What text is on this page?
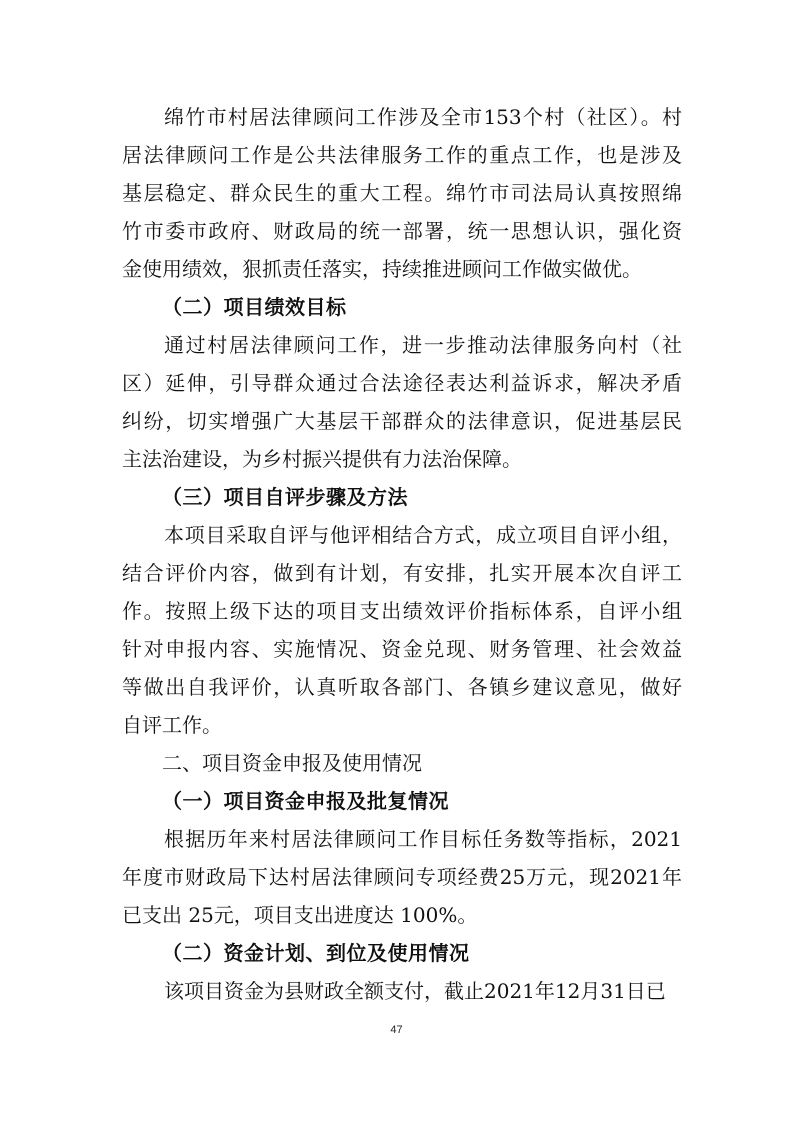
绵竹市村居法律顾问工作涉及全市153个村（社区）。村
居法律顾问工作是公共法律服务工作的重点工作，也是涉及
基层稳定、群众民生的重大工程。绵竹市司法局认真按照绵
竹市委市政府、财政局的统一部署，统一思想认识，强化资
金使用绩效，狠抓责任落实，持续推进顾问工作做实做优。
（二）项目绩效目标
通过村居法律顾问工作，进一步推动法律服务向村（社
区）延伸，引导群众通过合法途径表达利益诉求，解决矛盾
纠纷，切实增强广大基层干部群众的法律意识，促进基层民
主法治建设，为乡村振兴提供有力法治保障。
（三）项目自评步骤及方法
本项目采取自评与他评相结合方式，成立项目自评小组，
结合评价内容，做到有计划，有安排，扎实开展本次自评工
作。按照上级下达的项目支出绩效评价指标体系，自评小组
针对申报内容、实施情况、资金兑现、财务管理、社会效益
等做出自我评价，认真听取各部门、各镇乡建议意见，做好
自评工作。
二、项目资金申报及使用情况
（一）项目资金申报及批复情况
根据历年来村居法律顾问工作目标任务数等指标，2021
年度市财政局下达村居法律顾问专项经费25万元，现2021年
已支出 25元，项目支出进度达 100%。
（二）资金计划、到位及使用情况
该项目资金为县财政全额支付，截止2021年12月31日已
47
